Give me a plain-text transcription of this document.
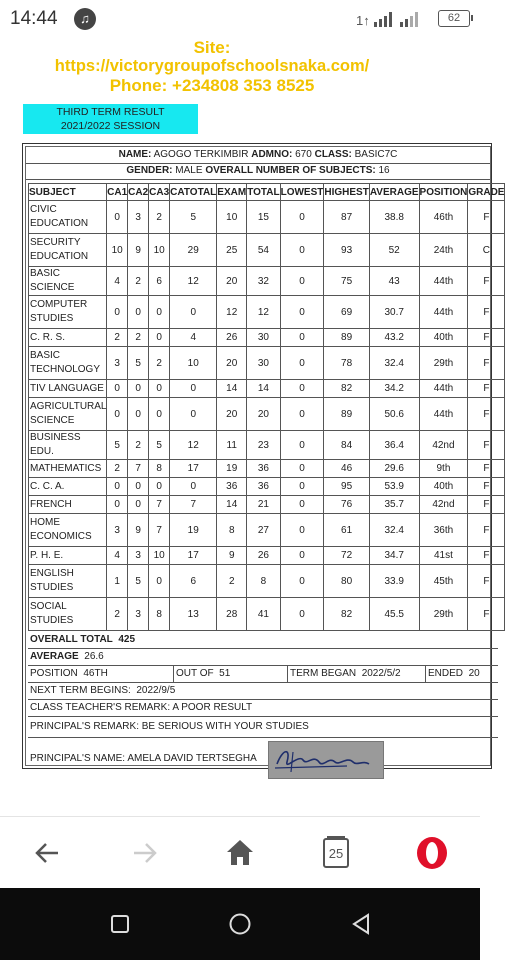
14:44	♫	1↑	62
Site:
https://victorygroupofschoolsnaka.com/
Phone: +234808 353 8525
THIRD TERM RESULT
2021/2022 SESSION
NAME: AGOGO TERKIMBIR ADMNO: 670 CLASS: BASIC7C
GENDER: MALE OVERALL NUMBER OF SUBJECTS: 16
SUBJECT	CA1	CA2	CA3	CATOTAL	EXAM	TOTAL	LOWEST	HIGHEST	AVERAGE	POSITION	GRADE
CIVIC EDUCATION	0	3	2	5	10	15	0	87	38.8	46th	F
SECURITY EDUCATION	10	9	10	29	25	54	0	93	52	24th	C
BASIC SCIENCE	4	2	6	12	20	32	0	75	43	44th	F
COMPUTER STUDIES	0	0	0	0	12	12	0	69	30.7	44th	F
C. R. S.	2	2	0	4	26	30	0	89	43.2	40th	F
BASIC TECHNOLOGY	3	5	2	10	20	30	0	78	32.4	29th	F
TIV LANGUAGE	0	0	0	0	14	14	0	82	34.2	44th	F
AGRICULTURAL SCIENCE	0	0	0	0	20	20	0	89	50.6	44th	F
BUSINESS EDU.	5	2	5	12	11	23	0	84	36.4	42nd	F
MATHEMATICS	2	7	8	17	19	36	0	46	29.6	9th	F
C. C. A.	0	0	0	0	36	36	0	95	53.9	40th	F
FRENCH	0	0	7	7	14	21	0	76	35.7	42nd	F
HOME ECONOMICS	3	9	7	19	8	27	0	61	32.4	36th	F
P. H. E.	4	3	10	17	9	26	0	72	34.7	41st	F
ENGLISH STUDIES	1	5	0	6	2	8	0	80	33.9	45th	F
SOCIAL STUDIES	2	3	8	13	28	41	0	82	45.5	29th	F
OVERALL TOTAL 425
AVERAGE 26.6
POSITION 46TH	OUT OF 51	TERM BEGAN 2022/5/2	ENDED 20
NEXT TERM BEGINS: 2022/9/5
CLASS TEACHER'S REMARK: A POOR RESULT
PRINCIPAL'S REMARK: BE SERIOUS WITH YOUR STUDIES
PRINCIPAL'S NAME: AMELA DAVID TERTSEGHA
25
